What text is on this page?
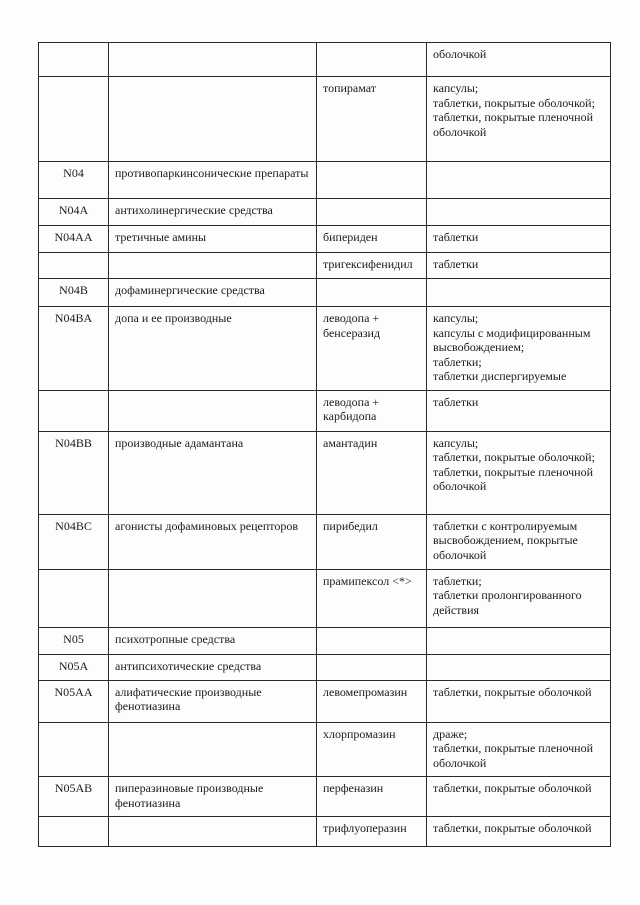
			оболочкой

		топирамат	капсулы;
таблетки, покрытые оболочкой;
таблетки, покрытые пленочной оболочкой

N04	противопаркинсонические препараты		
N04A	антихолинергические средства		
N04AA	третичные амины	бипериден	таблетки

		тригексифенидил	таблетки

N04B	дофаминергические средства		
N04BA	допа и ее производные	леводопа + бенсеразид	капсулы;
капсулы с модифицированным высвобождением;
таблетки;
таблетки диспергируемые

		леводопа + карбидопа	таблетки

N04BB	производные адамантана	амантадин	капсулы;
таблетки, покрытые оболочкой;
таблетки, покрытые пленочной оболочкой

N04BC	агонисты дофаминовых рецепторов	пирибедил	таблетки с контролируемым высвобождением, покрытые оболочкой

		прамипексол <*>	таблетки;
таблетки пролонгированного действия

N05	психотропные средства		
N05A	антипсихотические средства		
N05AA	алифатические производные фенотиазина	левомепромазин	таблетки, покрытые оболочкой

		хлорпромазин	драже;
таблетки, покрытые пленочной оболочкой

N05AB	пиперазиновые производные фенотиазина	перфеназин	таблетки, покрытые оболочкой

		трифлуоперазин	таблетки, покрытые оболочкой
